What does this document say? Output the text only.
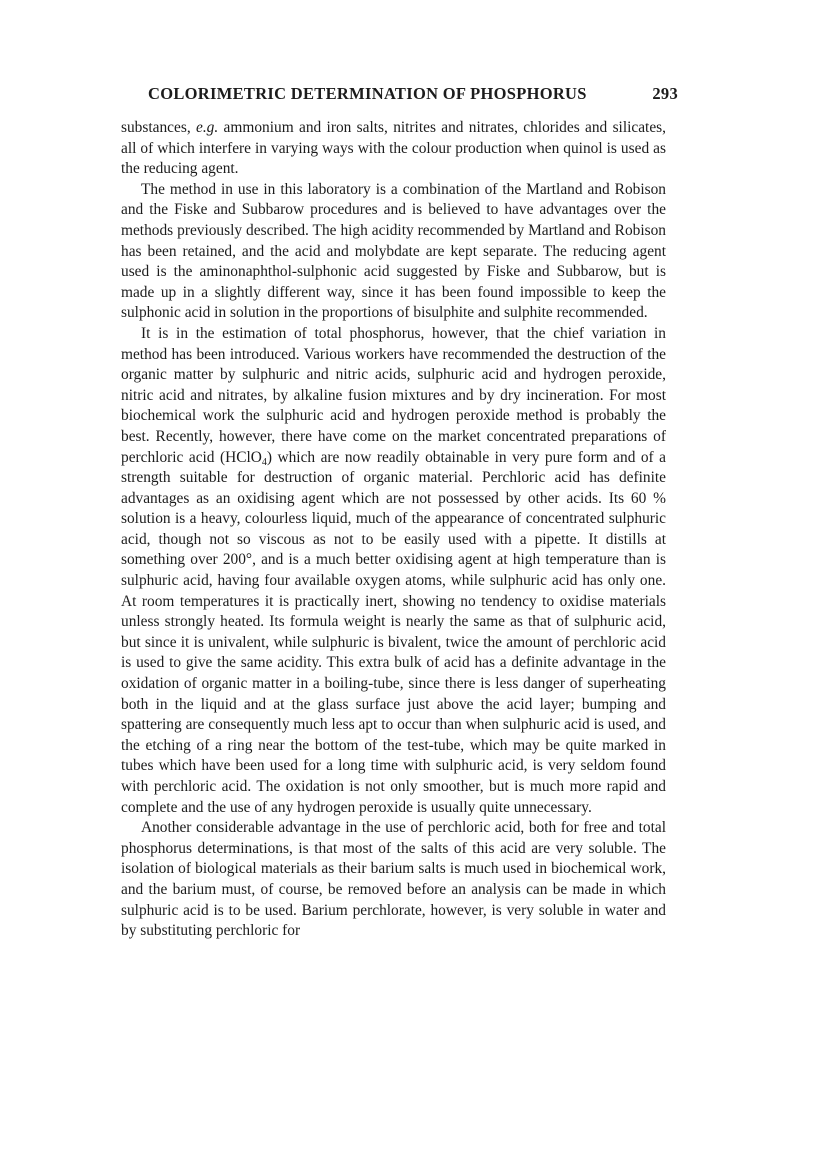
COLORIMETRIC DETERMINATION OF PHOSPHORUS	293

substances, e.g. ammonium and iron salts, nitrites and nitrates, chlorides and silicates, all of which interfere in varying ways with the colour production when quinol is used as the reducing agent.

The method in use in this laboratory is a combination of the Martland and Robison and the Fiske and Subbarow procedures and is believed to have advantages over the methods previously described. The high acidity recommended by Martland and Robison has been retained, and the acid and molybdate are kept separate. The reducing agent used is the aminonaphthol-sulphonic acid suggested by Fiske and Subbarow, but is made up in a slightly different way, since it has been found impossible to keep the sulphonic acid in solution in the proportions of bisulphite and sulphite recommended.

It is in the estimation of total phosphorus, however, that the chief variation in method has been introduced. Various workers have recommended the destruction of the organic matter by sulphuric and nitric acids, sulphuric acid and hydrogen peroxide, nitric acid and nitrates, by alkaline fusion mixtures and by dry incineration. For most biochemical work the sulphuric acid and hydrogen peroxide method is probably the best. Recently, however, there have come on the market concentrated preparations of perchloric acid (HClO$_4$) which are now readily obtainable in very pure form and of a strength suitable for destruction of organic material. Perchloric acid has definite advantages as an oxidising agent which are not possessed by other acids. Its 60 % solution is a heavy, colourless liquid, much of the appearance of concentrated sulphuric acid, though not so viscous as not to be easily used with a pipette. It distills at something over 200°, and is a much better oxidising agent at high temperature than is sulphuric acid, having four available oxygen atoms, while sulphuric acid has only one. At room temperatures it is practically inert, showing no tendency to oxidise materials unless strongly heated. Its formula weight is nearly the same as that of sulphuric acid, but since it is univalent, while sulphuric is bivalent, twice the amount of perchloric acid is used to give the same acidity. This extra bulk of acid has a definite advantage in the oxidation of organic matter in a boiling-tube, since there is less danger of superheating both in the liquid and at the glass surface just above the acid layer; bumping and spattering are consequently much less apt to occur than when sulphuric acid is used, and the etching of a ring near the bottom of the test-tube, which may be quite marked in tubes which have been used for a long time with sulphuric acid, is very seldom found with perchloric acid. The oxidation is not only smoother, but is much more rapid and complete and the use of any hydrogen peroxide is usually quite unnecessary.

Another considerable advantage in the use of perchloric acid, both for free and total phosphorus determinations, is that most of the salts of this acid are very soluble. The isolation of biological materials as their barium salts is much used in biochemical work, and the barium must, of course, be removed before an analysis can be made in which sulphuric acid is to be used. Barium perchlorate, however, is very soluble in water and by substituting perchloric for
